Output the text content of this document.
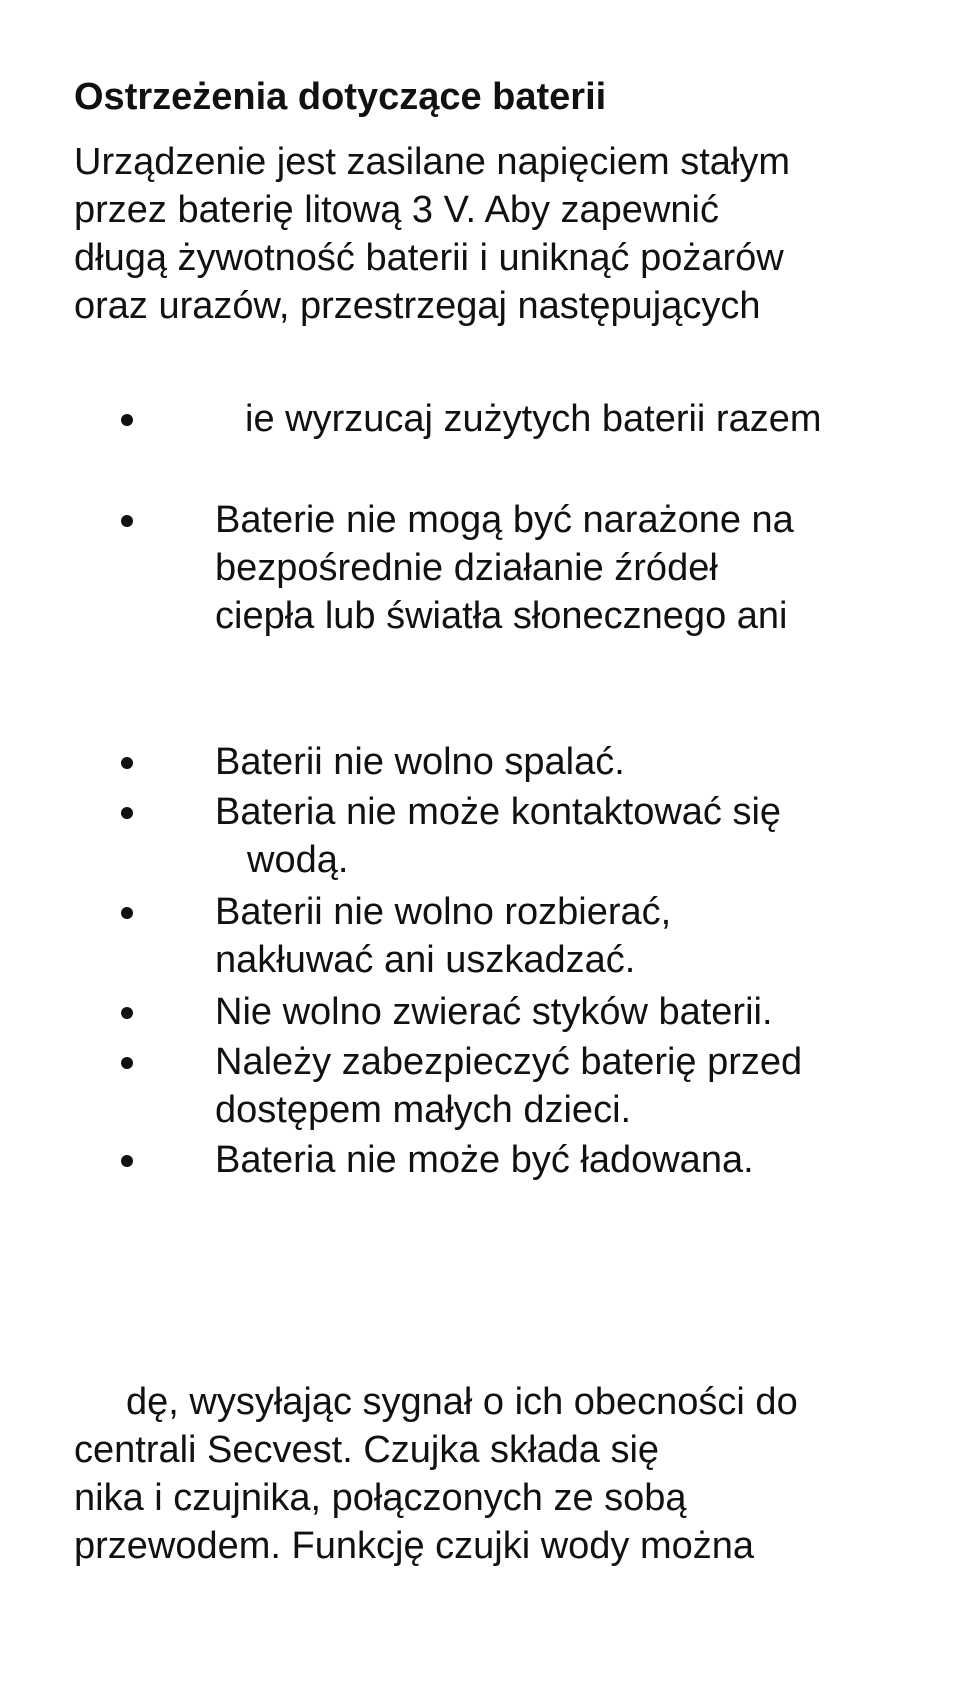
Ostrzeżenia dotyczące baterii

Urządzenie jest zasilane napięciem stałym
przez baterię litową 3 V. Aby zapewnić
długą żywotność baterii i uniknąć pożarów
oraz urazów, przestrzegaj następujących

ie wyrzucaj zużytych baterii razem
Baterie nie mogą być narażone na
bezpośrednie działanie źródeł
ciepła lub światła słonecznego ani
Baterii nie wolno spalać.
Bateria nie może kontaktować się
wodą.
Baterii nie wolno rozbierać,
nakłuwać ani uszkadzać.
Nie wolno zwierać styków baterii.
Należy zabezpieczyć baterię przed
dostępem małych dzieci.
Bateria nie może być ładowana.

dę, wysyłając sygnał o ich obecności do
centrali Secvest. Czujka składa się
nika i czujnika, połączonych ze sobą
przewodem. Funkcję czujki wody można
